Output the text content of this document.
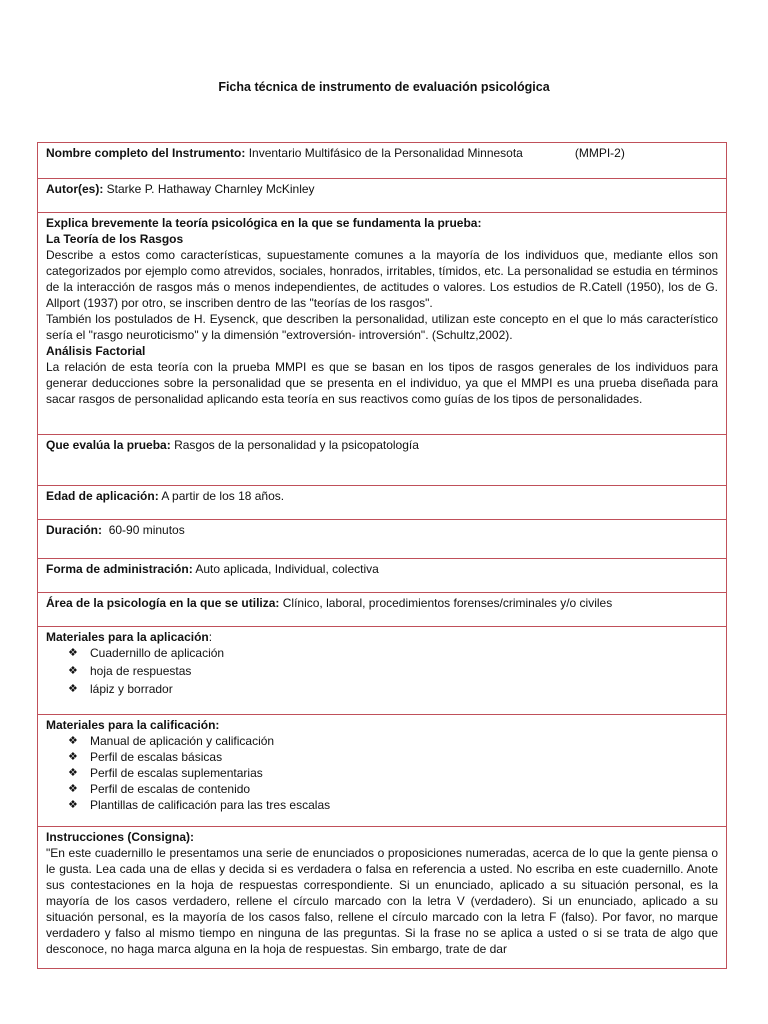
Ficha técnica de instrumento de evaluación psicológica
Nombre completo del Instrumento: Inventario Multifásico de la Personalidad Minnesota	(MMPI-2)
Autor(es): Starke P. Hathaway Charnley McKinley

Explica brevemente la teoría psicológica en la que se fundamenta la prueba:
La Teoría de los Rasgos
Describe a estos como características, supuestamente comunes a la mayoría de los individuos que, mediante ellos son categorizados por ejemplo como atrevidos, sociales, honrados, irritables, tímidos, etc. La personalidad se estudia en términos de la interacción de rasgos más o menos independientes, de actitudes o valores. Los estudios de R.Catell (1950), los de G. Allport (1937) por otro, se inscriben dentro de las "teorías de los rasgos".
También los postulados de H. Eysenck, que describen la personalidad, utilizan este concepto en el que lo más característico sería el "rasgo neuroticismo" y la dimensión "extroversión- introversión". (Schultz,2002).
Análisis Factorial
La relación de esta teoría con la prueba MMPI es que se basan en los tipos de rasgos generales de los individuos para generar deducciones sobre la personalidad que se presenta en el individuo, ya que el MMPI es una prueba diseñada para sacar rasgos de personalidad aplicando esta teoría en sus reactivos como guías de los tipos de personalidades.

Que evalúa la prueba: Rasgos de la personalidad y la psicopatología
Edad de aplicación: A partir de los 18 años.
Duración: 60-90 minutos
Forma de administración: Auto aplicada, Individual, colectiva
Área de la psicología en la que se utiliza: Clínico, laboral, procedimientos forenses/criminales y/o civiles

Materiales para la aplicación:
❖ Cuadernillo de aplicación
❖ hoja de respuestas
❖ lápiz y borrador

Materiales para la calificación:
❖ Manual de aplicación y calificación
❖ Perfil de escalas básicas
❖ Perfil de escalas suplementarias
❖ Perfil de escalas de contenido
❖ Plantillas de calificación para las tres escalas

Instrucciones (Consigna):
"En este cuadernillo le presentamos una serie de enunciados o proposiciones numeradas, acerca de lo que la gente piensa o le gusta. Lea cada una de ellas y decida si es verdadera o falsa en referencia a usted. No escriba en este cuadernillo. Anote sus contestaciones en la hoja de respuestas correspondiente. Si un enunciado, aplicado a su situación personal, es la mayoría de los casos verdadero, rellene el círculo marcado con la letra V (verdadero). Si un enunciado, aplicado a su situación personal, es la mayoría de los casos falso, rellene el círculo marcado con la letra F (falso). Por favor, no marque verdadero y falso al mismo tiempo en ninguna de las preguntas. Si la frase no se aplica a usted o si se trata de algo que desconoce, no haga marca alguna en la hoja de respuestas. Sin embargo, trate de dar
